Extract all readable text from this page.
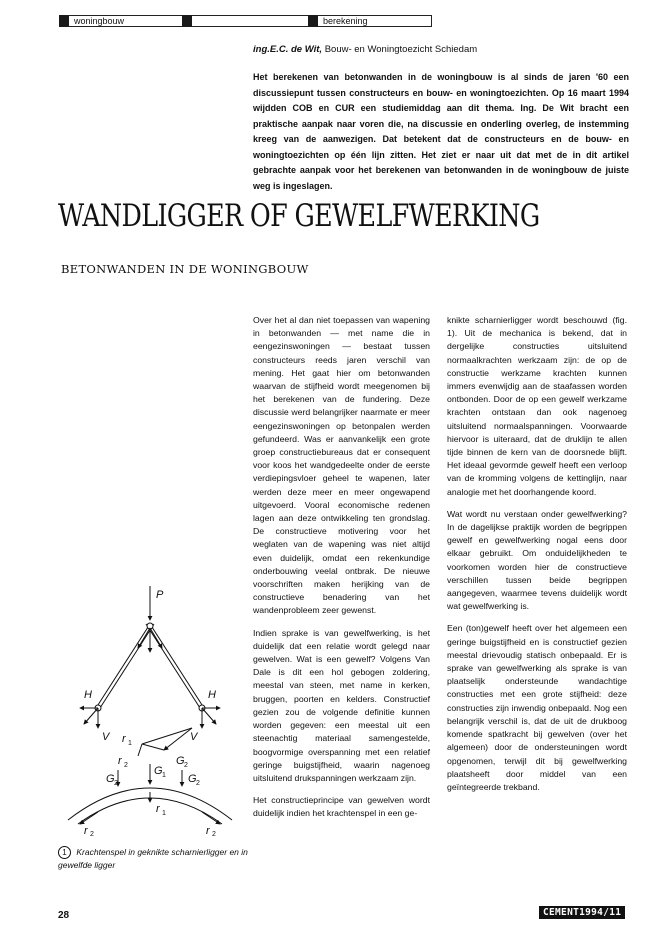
woningbouw	berekening
ing.E.C. de Wit, Bouw- en Woningtoezicht Schiedam
Het berekenen van betonwanden in de woningbouw is al sinds de jaren '60 een discussiepunt tussen constructeurs en bouw- en woningtoezichten. Op 16 maart 1994 wijdden COB en CUR een studiemiddag aan dit thema. Ing. De Wit bracht een praktische aanpak naar voren die, na discussie en onderling overleg, de instemming kreeg van de aanwezigen. Dat betekent dat de constructeurs en de bouw- en woningtoezichten op één lijn zitten. Het ziet er naar uit dat met de in dit artikel gebrachte aanpak voor het berekenen van betonwanden in de woningbouw de juiste weg is ingeslagen.
WANDLIGGER OF GEWELFWERKING
BETONWANDEN IN DE WONINGBOUW

Over het al dan niet toepassen van wapening in betonwanden — met name die in eengezinswoningen — bestaat tussen constructeurs reeds jaren verschil van mening. Het gaat hier om betonwanden waarvan de stijfheid wordt meegenomen bij het berekenen van de fundering. Deze discussie werd belangrijker naarmate er meer eengezinswoningen op betonpalen werden gefundeerd. Was er aanvankelijk een grote groep constructiebureaus dat er consequent voor koos het wandgedeelte onder de eerste verdiepingsvloer geheel te wapenen, later werden deze meer en meer ongewapend uitgevoerd. Vooral economische redenen lagen aan deze ontwikkeling ten grondslag. De constructieve motivering voor het weglaten van de wapening was niet altijd even duidelijk, omdat een rekenkundige onderbouwing veelal ontbrak. De nieuwe voorschriften maken herijking van de constructieve benadering van het wandenprobleem zeer gewenst.

Indien sprake is van gewelfwerking, is het duidelijk dat een relatie wordt gelegd naar gewelven. Wat is een gewelf? Volgens Van Dale is dit een hol gebogen zoldering, meestal van steen, met name in kerken, bruggen, poorten en kelders. Constructief gezien zou de volgende definitie kunnen worden gegeven: een meestal uit een steenachtig materiaal samengestelde, boogvormige overspanning met een relatief geringe buigstijfheid, waarin nagenoeg uitsluitend drukspanningen werkzaam zijn.

Het constructieprincipe van gewelven wordt duidelijk indien het krachtenspel in een ge-

knikte scharnierligger wordt beschouwd (fig. 1). Uit de mechanica is bekend, dat in dergelijke constructies uitsluitend normaalkrachten werkzaam zijn: de op de constructie werkzame krachten kunnen immers evenwijdig aan de staafassen worden ontbonden. Door de op een gewelf werkzame krachten ontstaan dan ook nagenoeg uitsluitend normaalspanningen. Voorwaarde hiervoor is uiteraard, dat de druklijn te allen tijde binnen de kern van de doorsnede blijft. Het ideaal gevormde gewelf heeft een verloop van de kromming volgens de kettinglijn, naar analogie met het doorhangende koord.

Wat wordt nu verstaan onder gewelfwerking? In de dagelijkse praktijk worden de begrippen gewelf en gewelfwerking nogal eens door elkaar gebruikt. Om onduidelijkheden te voorkomen worden hier de constructieve verschillen tussen beide begrippen aangegeven, waarmee tevens duidelijk wordt wat gewelfwerking is.

Een (ton)gewelf heeft over het algemeen een geringe buigstijfheid en is constructief gezien meestal drievoudig statisch onbepaald. Er is sprake van gewelfwerking als sprake is van plaatselijk ondersteunde wandachtige constructies met een grote stijfheid: deze constructies zijn inwendig onbepaald. Nog een belangrijk verschil is, dat de uit de drukboog komende spatkracht bij gewelven (over het algemeen) door de ondersteuningen wordt opgenomen, terwijl dit bij gewelfwerking plaatsheeft door middel van een geïntegreerde trekband.

P
H
V
H
V
r
G
r
G
G
G
r
r	r
1
2
2
2
1
2
1
2	2
1 Krachtenspel in geknikte scharnierligger en in gewelfde ligger
28	CEMENT1994/11
